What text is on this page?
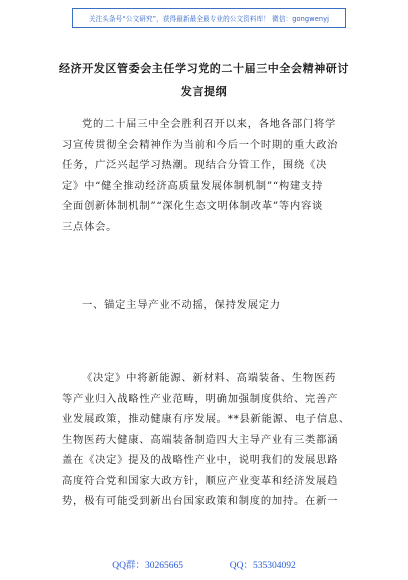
关注头条号“公文研究”，获得最新最全最专业的公文资料库！ 微信：gongwenyj
经济开发区管委会主任学习党的二十届三中全会精神研讨
发言提纲
党的二十届三中全会胜利召开以来，各地各部门将学
习宣传贯彻全会精神作为当前和今后一个时期的重大政治
任务，广泛兴起学习热潮。现结合分管工作，围绕《决
定》中“健全推动经济高质量发展体制机制”“构建支持
全面创新体制机制”“深化生态文明体制改革”等内容谈
三点体会。
一、锚定主导产业不动摇，保持发展定力
《决定》中将新能源、新材料、高端装备、生物医药
等产业归入战略性产业范畴，明确加强制度供给、完善产
业发展政策，推动健康有序发展。**县新能源、电子信息、
生物医药大健康、高端装备制造四大主导产业有三类都涵
盖在《决定》提及的战略性产业中，说明我们的发展思路
高度符合党和国家大政方针，顺应产业变革和经济发展趋
势，极有可能受到新出台国家政策和制度的加持。在新一
QQ群：30265665	QQ：535304092
